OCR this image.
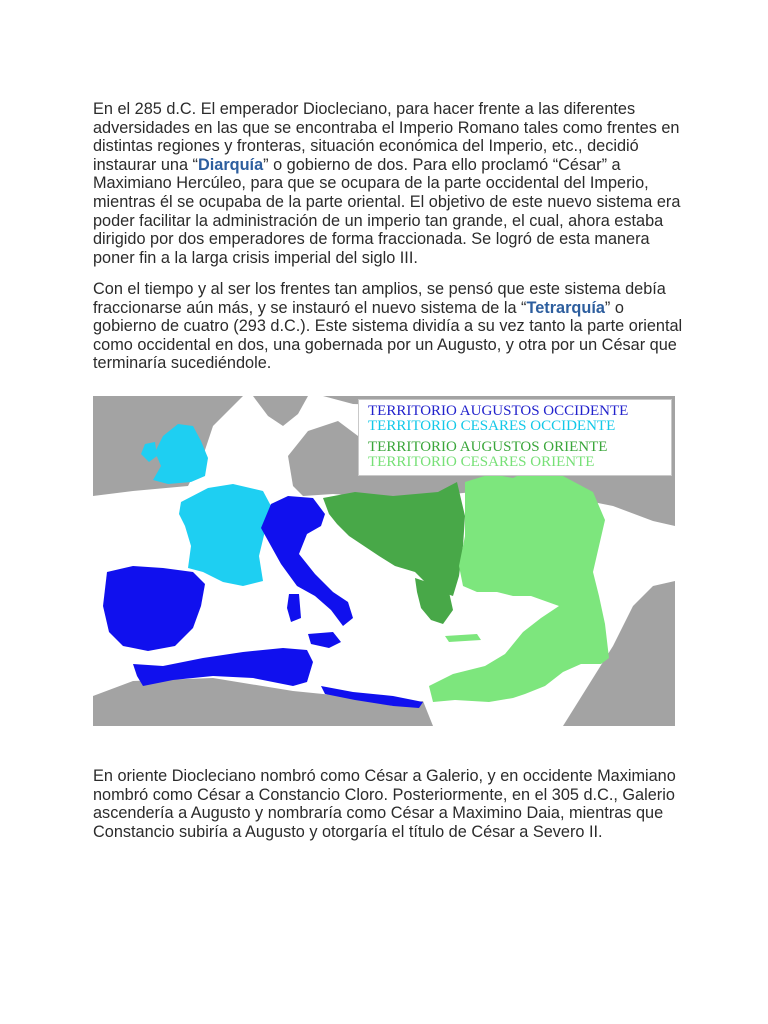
En el 285 d.C. El emperador Diocleciano, para hacer frente a las diferentes adversidades en las que se encontraba el Imperio Romano tales como frentes en distintas regiones y fronteras, situación económica del Imperio, etc., decidió instaurar una “Diarquía” o gobierno de dos. Para ello proclamó “César” a Maximiano Hercúleo, para que se ocupara de la parte occidental del Imperio, mientras él se ocupaba de la parte oriental. El objetivo de este nuevo sistema era poder facilitar la administración de un imperio tan grande, el cual, ahora estaba dirigido por dos emperadores de forma fraccionada. Se logró de esta manera poner fin a la larga crisis imperial del siglo III.

Con el tiempo y al ser los frentes tan amplios, se pensó que este sistema debía fraccionarse aún más, y se instauró el nuevo sistema de la “Tetrarquía” o gobierno de cuatro (293 d.C.). Este sistema dividía a su vez tanto la parte oriental como occidental en dos, una gobernada por un Augusto, y otra por un César que terminaría sucediéndole.

TERRITORIO AUGUSTOS OCCIDENTE
TERRITORIO CESARES OCCIDENTE
TERRITORIO AUGUSTOS ORIENTE
TERRITORIO CESARES ORIENTE

En oriente Diocleciano nombró como César a Galerio, y en occidente Maximiano nombró como César a Constancio Cloro. Posteriormente, en el 305 d.C., Galerio ascendería a Augusto y nombraría como César a Maximino Daia, mientras que Constancio subiría a Augusto y otorgaría el título de César a Severo II.
